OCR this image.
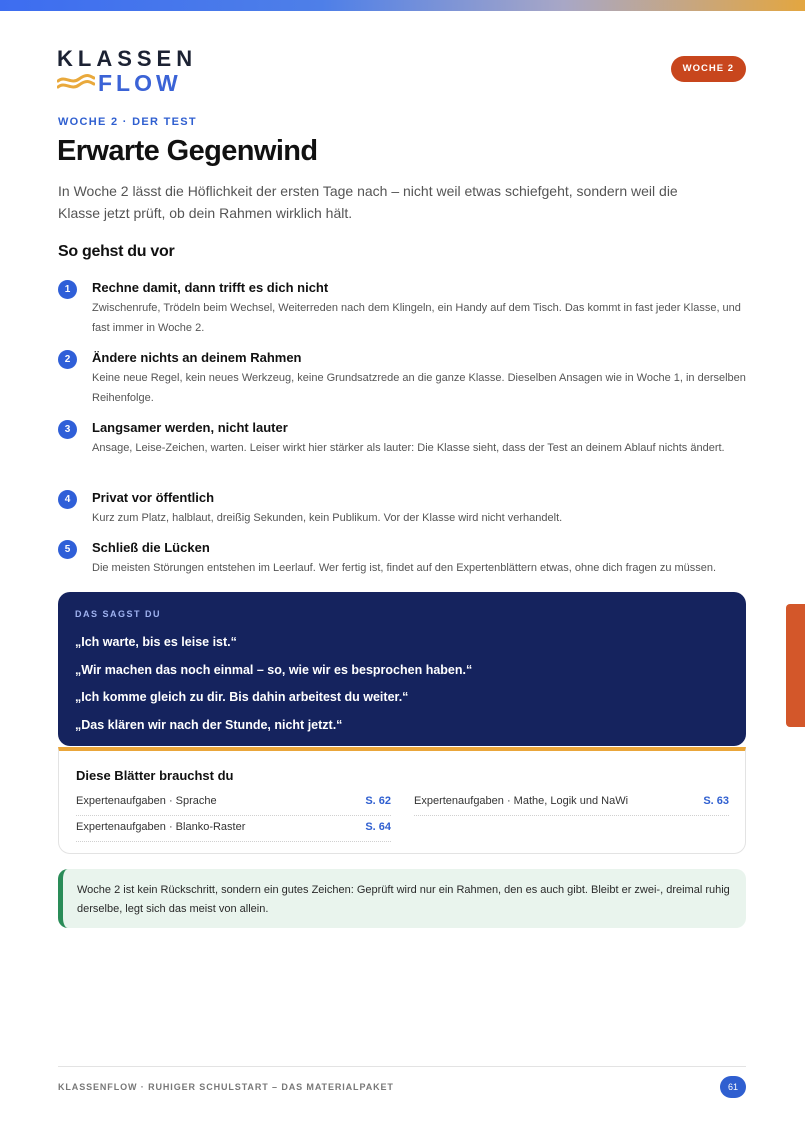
KLASSEN
FLOW
WOCHE 2
WOCHE 2 · DER TEST
Erwarte Gegenwind

In Woche 2 lässt die Höflichkeit der ersten Tage nach – nicht weil etwas schiefgeht, sondern weil die Klasse jetzt prüft, ob dein Rahmen wirklich hält.

So gehst du vor
1	Rechne damit, dann trifft es dich nicht
Zwischenrufe, Trödeln beim Wechsel, Weiterreden nach dem Klingeln, ein Handy auf dem Tisch. Das kommt in fast jeder Klasse, und fast immer in Woche 2.
2	Ändere nichts an deinem Rahmen
Keine neue Regel, kein neues Werkzeug, keine Grundsatzrede an die ganze Klasse. Dieselben Ansagen wie in Woche 1, in derselben Reihenfolge.
3	Langsamer werden, nicht lauter
Ansage, Leise-Zeichen, warten. Leiser wirkt hier stärker als lauter: Die Klasse sieht, dass der Test an deinem Ablauf nichts ändert.
4	Privat vor öffentlich
Kurz zum Platz, halblaut, dreißig Sekunden, kein Publikum. Vor der Klasse wird nicht verhandelt.
5	Schließ die Lücken
Die meisten Störungen entstehen im Leerlauf. Wer fertig ist, findet auf den Expertenblättern etwas, ohne dich fragen zu müssen.
DAS SAGST DU
„Ich warte, bis es leise ist.“
„Wir machen das noch einmal – so, wie wir es besprochen haben.“
„Ich komme gleich zu dir. Bis dahin arbeitest du weiter.“
„Das klären wir nach der Stunde, nicht jetzt.“
Diese Blätter brauchst du
Expertenaufgaben · Sprache	S. 62 Expertenaufgaben · Mathe, Logik und NaWi	S. 63
Expertenaufgaben · Blanko-Raster	S. 64
Woche 2 ist kein Rückschritt, sondern ein gutes Zeichen: Geprüft wird nur ein Rahmen, den es auch gibt. Bleibt er zwei-, dreimal ruhig derselbe, legt sich das meist von allein.
KLASSENFLOW · RUHIGER SCHULSTART – DAS MATERIALPAKET	61
